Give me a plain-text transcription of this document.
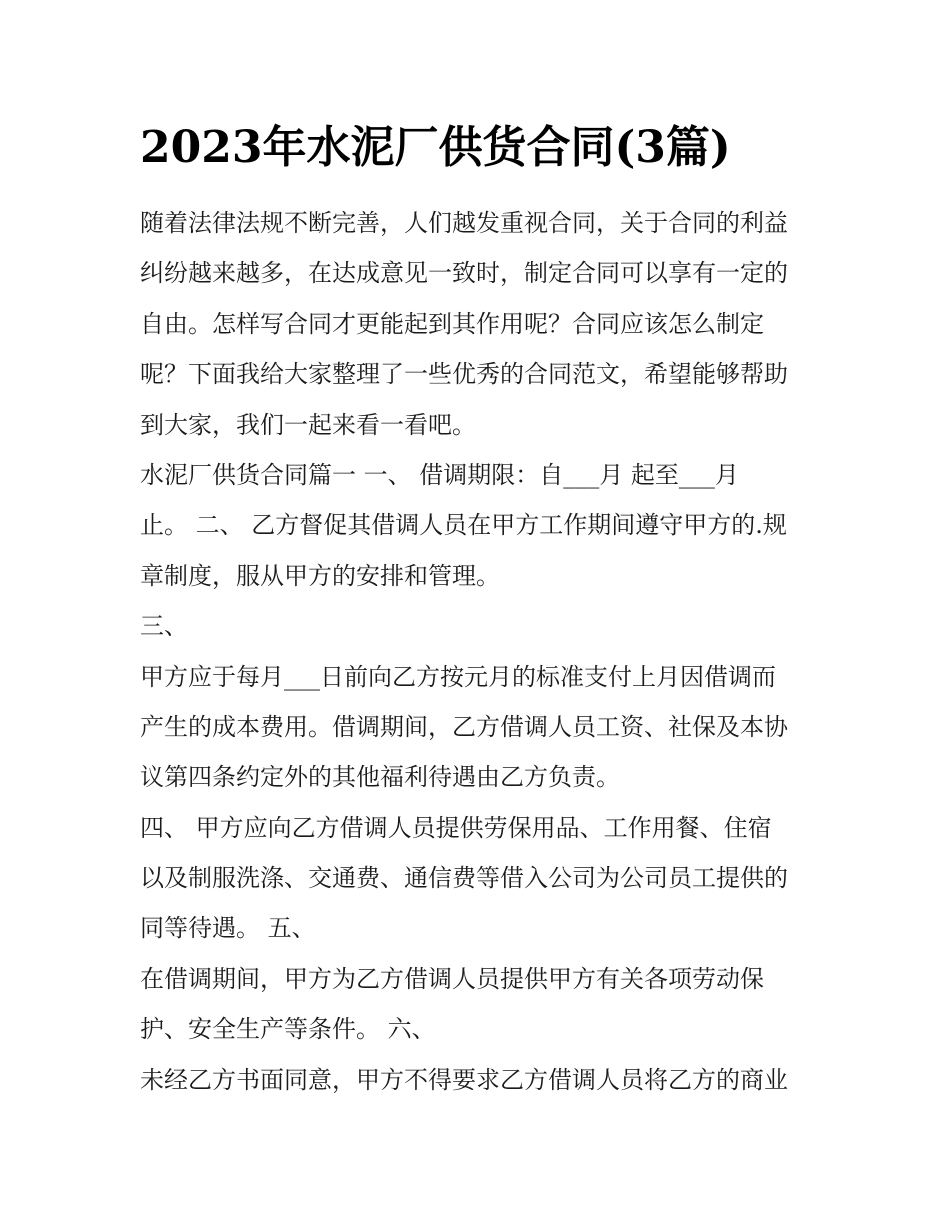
2023年水泥厂供货合同(3篇)

随着法律法规不断完善，人们越发重视合同，关于合同的利益

纠纷越来越多，在达成意见一致时，制定合同可以享有一定的

自由。怎样写合同才更能起到其作用呢？合同应该怎么制定

呢？下面我给大家整理了一些优秀的合同范文，希望能够帮助

到大家，我们一起来看一看吧。

水泥厂供货合同篇一 一、 借调期限：自___月 起至___月

止。 二、 乙方督促其借调人员在甲方工作期间遵守甲方的.规

章制度，服从甲方的安排和管理。

三、

甲方应于每月___日前向乙方按元月的标准支付上月因借调而

产生的成本费用。借调期间，乙方借调人员工资、社保及本协

议第四条约定外的其他福利待遇由乙方负责。

四、 甲方应向乙方借调人员提供劳保用品、工作用餐、住宿

以及制服洗涤、交通费、通信费等借入公司为公司员工提供的

同等待遇。 五、

在借调期间，甲方为乙方借调人员提供甲方有关各项劳动保

护、安全生产等条件。 六、

未经乙方书面同意，甲方不得要求乙方借调人员将乙方的商业
